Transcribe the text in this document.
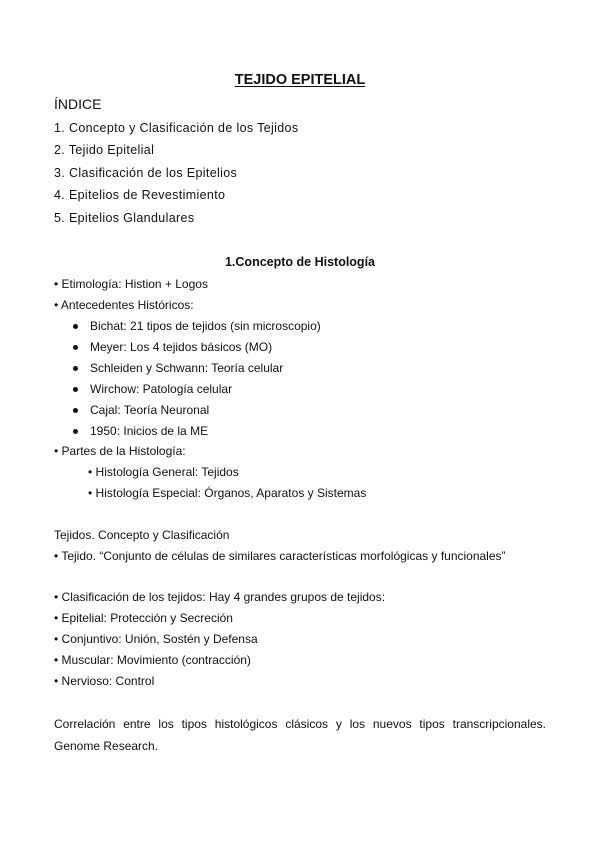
TEJIDO EPITELIAL
ÍNDICE
1. Concepto y Clasificación de los Tejidos
2. Tejido Epitelial
3. Clasificación de los Epitelios
4. Epitelios de Revestimiento
5. Epitelios Glandulares
1.Concepto de Histología
• Etimología: Histion + Logos
• Antecedentes Históricos:
Bichat: 21 tipos de tejidos (sin microscopio)
Meyer: Los 4 tejidos básicos (MO)
Schleiden y Schwann: Teoría celular
Wirchow: Patología celular
Cajal: Teoría Neuronal
1950: Inicios de la ME
• Partes de la Histología:
• Histología General: Tejidos
• Histología Especial: Órganos, Aparatos y Sistemas
Tejidos. Concepto y Clasificación
• Tejido. “Conjunto de células de similares características morfológicas y funcionales”
• Clasificación de los tejidos: Hay 4 grandes grupos de tejidos:
• Epitelial: Protección y Secreción
• Conjuntivo: Unión, Sostén y Defensa
• Muscular: Movimiento (contracción)
• Nervioso: Control
Correlación entre los tipos histológicos clásicos y los nuevos tipos transcripcionales. Genome Research.
